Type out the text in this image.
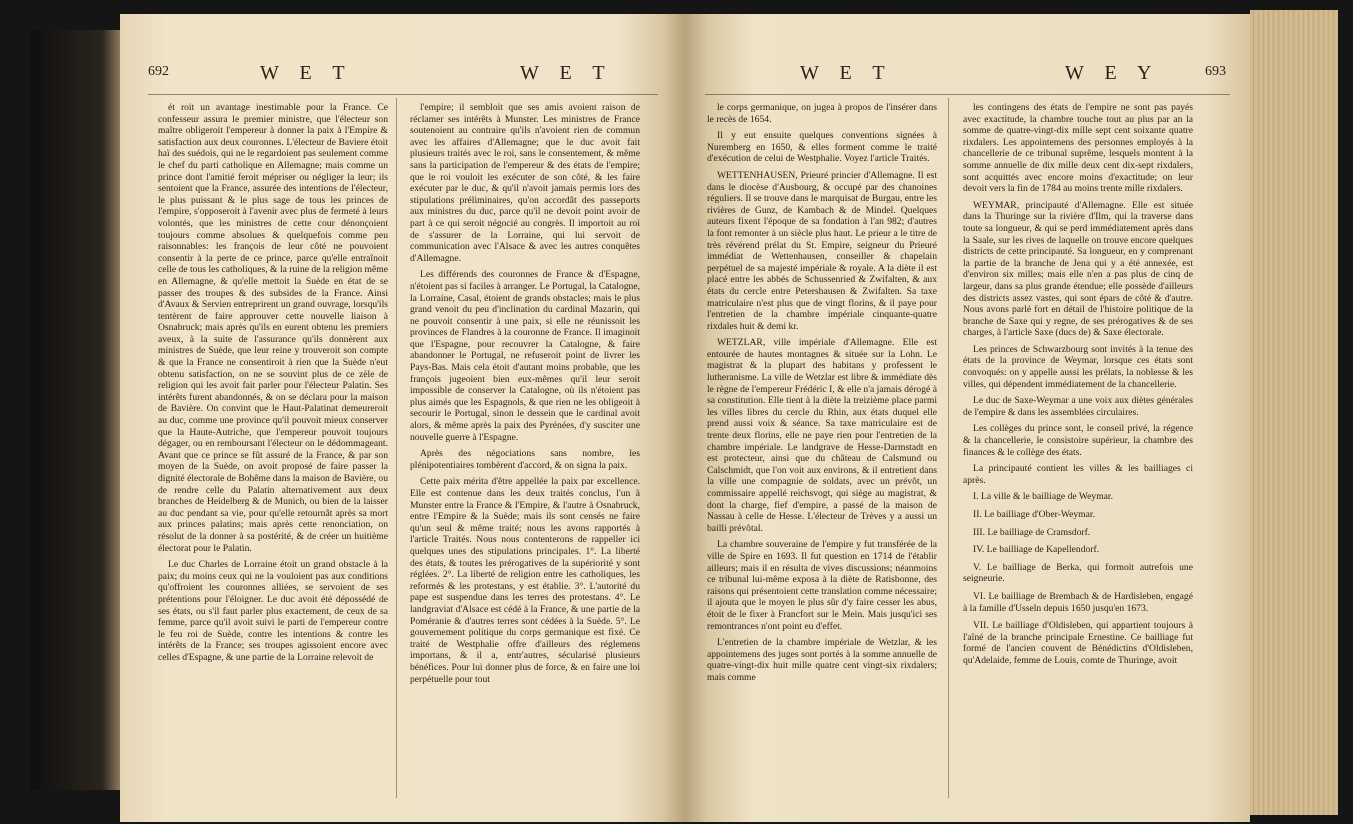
692	W E T	W E T

ét roit un avantage inestimable pour la France. Ce confesseur assura le premier ministre, que l'électeur son maître obligeroit l'empereur à donner la paix à l'Empire & satisfaction aux deux couronnes. L'électeur de Baviere étoit haï des suédois, qui ne le regardoient pas seulement comme le chef du parti catholique en Allemagne; mais comme un prince dont l'amitié feroit mépriser ou négliger la leur; ils sentoient que la France, assurée des intentions de l'électeur, le plus puissant & le plus sage de tous les princes de l'empire, s'opposeroit à l'avenir avec plus de fermeté à leurs volontés, que les ministres de cette cour dénonçoient toujours comme absolues & quelquefois comme peu raisonnables: les françois de leur côté ne pouvoient consentir à la perte de ce prince, parce qu'elle entraînoit celle de tous les catholiques, & la ruine de la religion même en Allemagne, & qu'elle mettoit la Suède en état de se passer des troupes & des subsides de la France. Ainsi d'Avaux & Servien entreprirent un grand ouvrage, lorsqu'ils tentèrent de faire approuver cette nouvelle liaison à Osnabruck; mais après qu'ils en eurent obtenu les premiers aveux, à la suite de l'assurance qu'ils donnèrent aux ministres de Suède, que leur reine y trouveroit son compte & que la France ne consentiroit à rien que la Suède n'eut obtenu satisfaction, on ne se souvint plus de ce zèle de religion qui les avoit fait parler pour l'électeur Palatin. Ses intérêts furent abandonnés, & on se déclara pour la maison de Bavière. On convint que le Haut-Palatinat demeureroit au duc, comme une province qu'il pouvoit mieux conserver que la Haute-Autriche, que l'empereur pouvoit toujours dégager, ou en remboursant l'électeur on le dédommageant. Avant que ce prince se fût assuré de la France, & par son moyen de la Suède, on avoit proposé de faire passer la dignité électorale de Bohême dans la maison de Bavière, ou de rendre celle du Palatin alternativement aux deux branches de Heidelberg & de Munich, ou bien de la laisser au duc pendant sa vie, pour qu'elle retournât après sa mort aux princes palatins; mais après cette renonciation, on résolut de la donner à sa postérité, & de créer un huitième électorat pour le Palatin.

Le duc Charles de Lorraine étoit un grand obstacle à la paix; du moins ceux qui ne la vouloient pas aux conditions qu'offroient les couronnes alliées, se servoient de ses prétentions pour l'éloigner. Le duc avoit été dépossédé de ses états, ou s'il faut parler plus exactement, de ceux de sa femme, parce qu'il avoit suivi le parti de l'empereur contre le feu roi de Suède, contre les intentions & contre les intérêts de la France; ses troupes agissoient encore avec celles d'Espagne, & une partie de la Lorraine relevoit de

l'empire; il sembloit que ses amis avoient raison de réclamer ses intérêts à Munster. Les ministres de France soutenoient au contraire qu'ils n'avoient rien de commun avec les affaires d'Allemagne; que le duc avoit fait plusieurs traités avec le roi, sans le consentement, & même sans la participation de l'empereur & des états de l'empire; que le roi vouloit les exécuter de son côté, & les faire exécuter par le duc, & qu'il n'avoit jamais permis lors des stipulations préliminaires, qu'on accordât des passeports aux ministres du duc, parce qu'il ne devoit point avoir de part à ce qui seroit négocié au congrès. Il importoit au roi de s'assurer de la Lorraine, qui lui servoit de communication avec l'Alsace & avec les autres conquêtes d'Allemagne.

Les différends des couronnes de France & d'Espagne, n'étoient pas si faciles à arranger. Le Portugal, la Catalogne, la Lorraine, Casal, étoient de grands obstacles; mais le plus grand venoit du peu d'inclination du cardinal Mazarin, qui ne pouvoit consentir à une paix, si elle ne réunissoit les provinces de Flandres à la couronne de France. Il imaginoit que l'Espagne, pour recouvrer la Catalogne, & faire abandonner le Portugal, ne refuseroit point de livrer les Pays-Bas. Mais cela étoit d'autant moins probable, que les françois jugeoient bien eux-mêmes qu'il leur seroit impossible de conserver la Catalogne, où ils n'étoient pas plus aimés que les Espagnols, & que rien ne les obligeoit à secourir le Portugal, sinon le dessein que le cardinal avoit alors, & même après la paix des Pyrénées, d'y susciter une nouvelle guerre à l'Espagne.

Après des négociations sans nombre, les plénipotentiaires tombèrent d'accord, & on signa la paix.

Cette paix mérita d'être appellée la paix par excellence. Elle est contenue dans les deux traités conclus, l'un à Munster entre la France & l'Empire, & l'autre à Osnabruck, entre l'Empire & la Suède; mais ils sont censés ne faire qu'un seul & même traité; nous les avons rapportés à l'article Traités. Nous nous contenterons de rappeller ici quelques unes des stipulations principales. 1°. La liberté des états, & toutes les prérogatives de la supériorité y sont réglées. 2°. La liberté de religion entre les catholiques, les reformés & les protestans, y est établie. 3°. L'autorité du pape est suspendue dans les terres des protestans. 4°. Le landgraviat d'Alsace est cédé à la France, & une partie de la Poméranie & d'autres terres sont cédées à la Suède. 5°. Le gouvernement politique du corps germanique est fixé. Ce traité de Westphalie offre d'ailleurs des réglemens importans, & il a, entr'autres, sécularisé plusieurs bénéfices. Pour lui donner plus de force, & en faire une loi perpétuelle pour tout

W E T	W E Y	693

le corps germanique, on jugea à propos de l'insérer dans le recès de 1654.

Il y eut ensuite quelques conventions signées à Nuremberg en 1650, & elles forment comme le traité d'exécution de celui de Westphalie. Voyez l'article Traités.

WETTENHAUSEN, Prieuré princier d'Allemagne. Il est dans le diocèse d'Ausbourg, & occupé par des chanoines réguliers. Il se trouve dans le marquisat de Burgau, entre les rivières de Gunz, de Kambach & de Mindel. Quelques auteurs fixent l'époque de sa fondation à l'an 982; d'autres la font remonter à un siècle plus haut. Le prieur a le titre de très révérend prélat du St. Empire, seigneur du Prieuré immédiat de Wettenhausen, conseiller & chapelain perpétuel de sa majesté impériale & royale. A la diète il est placé entre les abbés de Schussenried & Zwifalten, & aux états du cercle entre Petershausen & Zwifalten. Sa taxe matriculaire n'est plus que de vingt florins, & il paye pour l'entretien de la chambre impériale cinquante-quatre rixdales huit & demi kr.

WETZLAR, ville impériale d'Allemagne. Elle est entourée de hautes montagnes & située sur la Lohn. Le magistrat & la plupart des habitans y professent le lutheranisme. La ville de Wetzlar est libre & immédiate dès le règne de l'empereur Frédéric I, & elle n'a jamais dérogé à sa constitution. Elle tient à la diète la treizième place parmi les villes libres du cercle du Rhin, aux états duquel elle prend aussi voix & séance. Sa taxe matriculaire est de trente deux florins, elle ne paye rien pour l'entretien de la chambre impériale. Le landgrave de Hesse-Darmstadt en est protecteur, ainsi que du château de Calsmund ou Calschmidt, que l'on voit aux environs, & il entretient dans la ville une compagnie de soldats, avec un prévôt, un commissaire appellé reichsvogt, qui siège au magistrat, & dont la charge, fief d'empire, a passé de la maison de Nassau à celle de Hesse. L'électeur de Trèves y a aussi un bailli prévôtal.

La chambre souveraine de l'empire y fut transférée de la ville de Spire en 1693. Il fut question en 1714 de l'établir ailleurs; mais il en résulta de vives discussions; néanmoins ce tribunal lui-même exposa à la diète de Ratisbonne, des raisons qui présentoient cette translation comme nécessaire; il ajouta que le moyen le plus sûr d'y faire cesser les abus, étoit de le fixer à Francfort sur le Mein. Mais jusqu'ici ses remontrances n'ont point eu d'effet.

L'entretien de la chambre impériale de Wetzlar, & les appointemens des juges sont portés à la somme annuelle de quatre-vingt-dix huit mille quatre cent vingt-six rixdalers; mais comme

les contingens des états de l'empire ne sont pas payés avec exactitude, la chambre touche tout au plus par an la somme de quatre-vingt-dix mille sept cent soixante quatre rixdalers. Les appointemens des personnes employés à la chancellerie de ce tribunal suprême, lesquels montent à la somme annuelle de dix mille deux cent dix-sept rixdalers, sont acquittés avec encore moins d'exactitude; on leur devoit vers la fin de 1784 au moins trente mille rixdalers.

WEYMAR, principauté d'Allemagne. Elle est située dans la Thuringe sur la rivière d'Ilm, qui la traverse dans toute sa longueur, & qui se perd immédiatement après dans la Saale, sur les rives de laquelle on trouve encore quelques districts de cette principauté. Sa longueur, en y comprenant la partie de la branche de Jena qui y a été annexée, est d'environ six milles; mais elle n'en a pas plus de cinq de largeur, dans sa plus grande étendue; elle possède d'ailleurs des districts assez vastes, qui sont épars de côté & d'autre. Nous avons parlé fort en détail de l'histoire politique de la branche de Saxe qui y regne, de ses prérogatives & de ses charges, à l'article Saxe (ducs de) & Saxe électorale.

Les princes de Schwarzbourg sont invités à la tenue des états de la province de Weymar, lorsque ces états sont convoqués: on y appelle aussi les prélats, la noblesse & les villes, qui dépendent immédiatement de la chancellerie.

Le duc de Saxe-Weymar a une voix aux diètes générales de l'empire & dans les assemblées circulaires.

Les collèges du prince sont, le conseil privé, la régence & la chancellerie, le consistoire supérieur, la chambre des finances & le collège des états.

La principauté contient les villes & les bailliages ci après.

I. La ville & le bailliage de Weymar.

II. Le bailliage d'Ober-Weymar.

III. Le bailliage de Cramsdorf.

IV. Le bailliage de Kapellendorf.

V. Le bailliage de Berka, qui formoit autrefois une seigneurie.

VI. Le bailliage de Brembach & de Hardisleben, engagé à la famille d'Usseln depuis 1650 jusqu'en 1673.

VII. Le bailliage d'Oldisleben, qui appartient toujours à l'aîné de la branche principale Ernestine. Ce bailliage fut formé de l'ancien couvent de Bénédictins d'Oldisleben, qu'Adelaide, femme de Louis, comte de Thuringe, avoit
